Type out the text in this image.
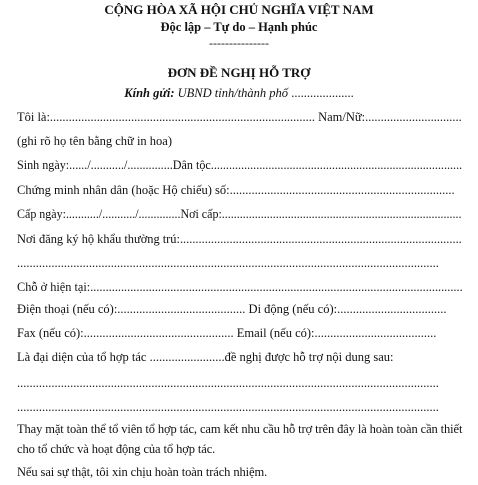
CỘNG HÒA XÃ HỘI CHỦ NGHĨA VIỆT NAM
Độc lập – Tự do – Hạnh phúc
---------------
ĐƠN ĐỀ NGHỊ HỖ TRỢ
Kính gửi: UBND tỉnh/thành phố ....................
Tôi là:..................................................................................... Nam/Nữ:...............................
(ghi rõ họ tên bằng chữ in hoa)
Sinh ngày:....../.........../...............Dân tộc...................................................................................
Chứng minh nhân dân (hoặc Hộ chiếu) số:........................................................................
Cấp ngày:.........../.........../..............Nơi cấp:................................................................................
Nơi đăng ký hộ khẩu thường trú:...........................................................................................
.......................................................................................................................................
Chỗ ở hiện tại:.........................................................................................................................
Điện thoại (nếu có):......................................... Di động (nếu có):...................................
Fax (nếu có):................................................ Email (nếu có):.......................................
Là đại diện của tổ hợp tác ........................đề nghị được hỗ trợ nội dung sau:
.......................................................................................................................................
.......................................................................................................................................
Thay mặt toàn thể tổ viên tổ hợp tác, cam kết nhu cầu hỗ trợ trên đây là hoàn toàn cần thiết
cho tổ chức và hoạt động của tổ hợp tác.
Nếu sai sự thật, tôi xin chịu hoàn toàn trách nhiệm.
